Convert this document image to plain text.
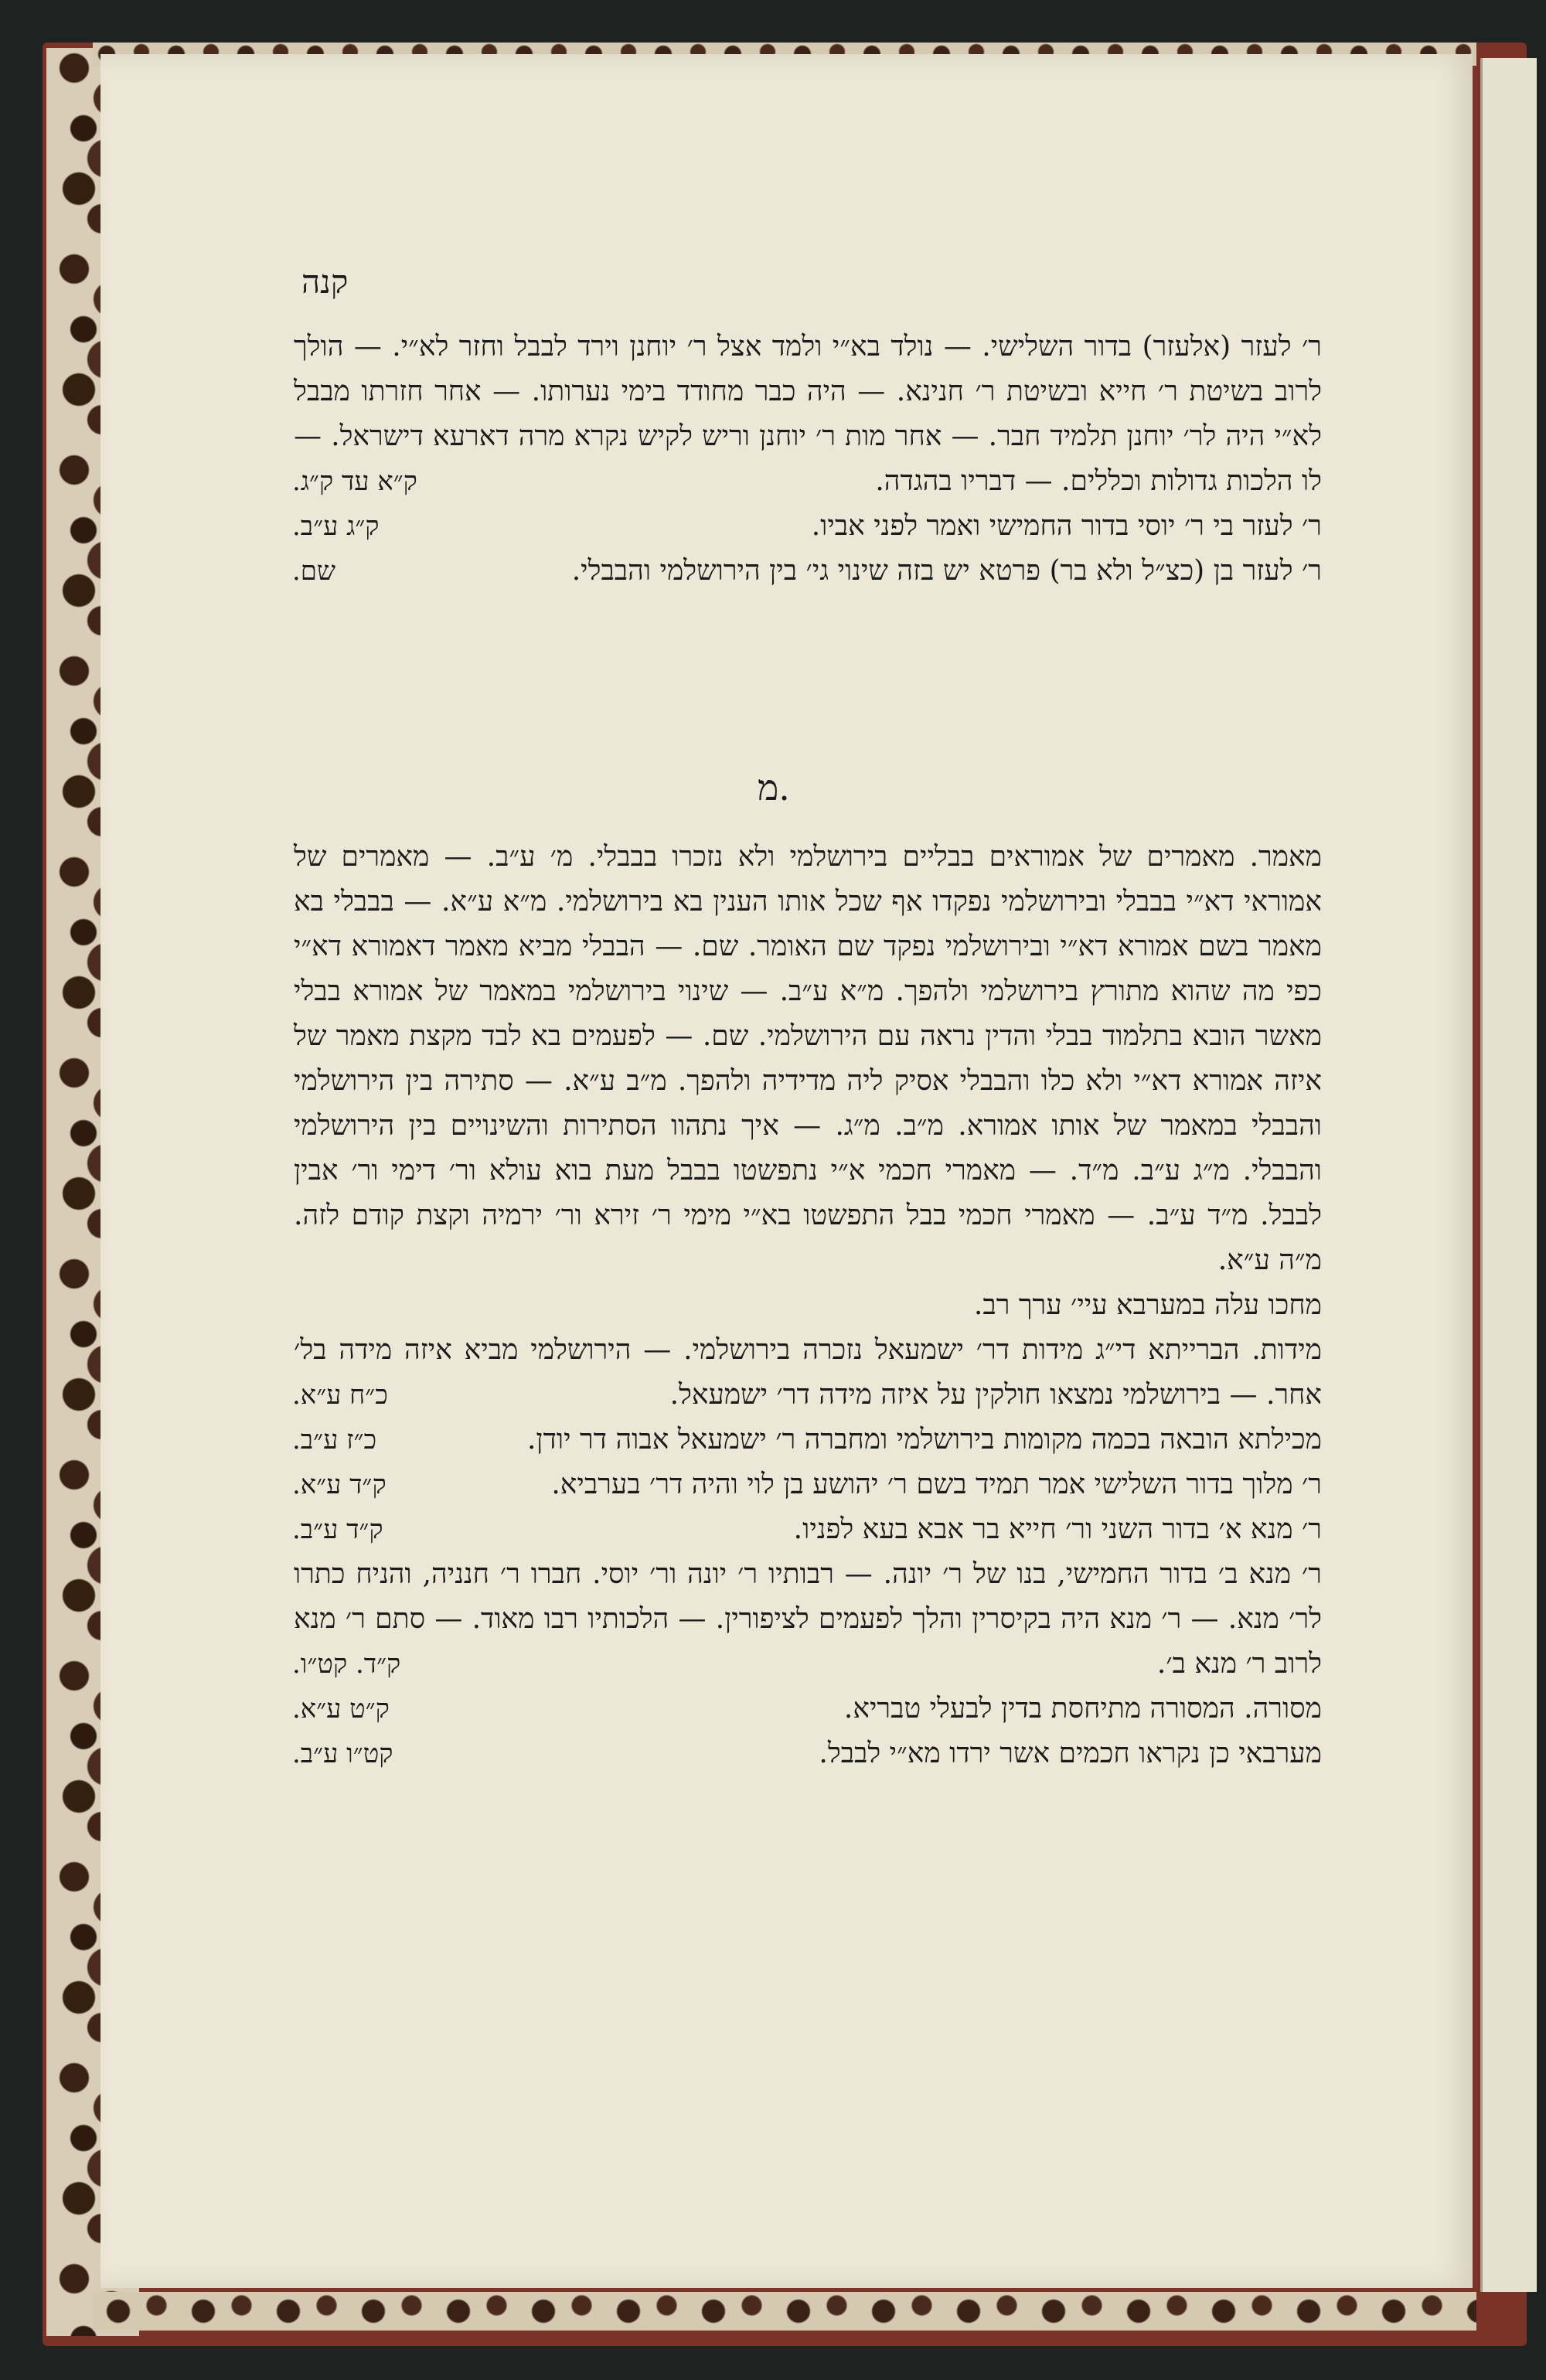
קנה

ר׳ לעזר (אלעזר) בדור השלישי. — נולד בא״י ולמד אצל ר׳ יוחנן וירד לבבל וחזר לא״י. — הולך לרוב בשיטת ר׳ חייא ובשיטת ר׳ חנינא. — היה כבר מחודד בימי נערותו. — אחר חזרתו מבבל לא״י היה לר׳ יוחנן תלמיד חבר. — אחר מות ר׳ יוחנן וריש לקיש נקרא מרה דארעא דישראל. — לו הלכות גדולות וכללים. — דבריו בהגדה.
ק״א עד ק״ג.

ר׳ לעזר בי ר׳ יוסי בדור החמישי ואמר לפני אביו.
ק״ג ע״ב.

ר׳ לעזר בן (כצ״ל ולא בר) פרטא יש בזה שינוי גי׳ בין הירושלמי והבבלי.
שם.

מ.

מאמר. מאמרים של אמוראים בבליים בירושלמי ולא נזכרו בבבלי. מ׳ ע״ב. — מאמרים של אמוראי דא״י בבבלי ובירושלמי נפקדו אף שכל אותו הענין בא בירושלמי. מ״א ע״א. — בבבלי בא מאמר בשם אמורא דא״י ובירושלמי נפקד שם האומר. שם. — הבבלי מביא מאמר דאמורא דא״י כפי מה שהוא מתורץ בירושלמי ולהפך. מ״א ע״ב. — שינוי בירושלמי במאמר של אמורא בבלי מאשר הובא בתלמוד בבלי והדין נראה עם הירושלמי. שם. — לפעמים בא לבד מקצת מאמר של איזה אמורא דא״י ולא כלו והבבלי אסיק ליה מדידיה ולהפך. מ״ב ע״א. — סתירה בין הירושלמי והבבלי במאמר של אותו אמורא. מ״ב. מ״ג. — איך נתהוו הסתירות והשינויים בין הירושלמי והבבלי. מ״ג ע״ב. מ״ד. — מאמרי חכמי א״י נתפשטו בבבל מעת בוא עולא ור׳ דימי ור׳ אבין לבבל. מ״ד ע״ב. — מאמרי חכמי בבל התפשטו בא״י מימי ר׳ זירא ור׳ ירמיה וקצת קודם לזה. מ״ה ע״א.

מחכו עלה במערבא עיי׳ ערך רב.

מידות. הברייתא די״ג מידות דר׳ ישמעאל נזכרה בירושלמי. — הירושלמי מביא איזה מידה בל׳ אחר. — בירושלמי נמצאו חולקין על איזה מידה דר׳ ישמעאל.
כ״ח ע״א.

מכילתא הובאה בכמה מקומות בירושלמי ומחברה ר׳ ישמעאל אבוה דר יודן.
כ״ז ע״ב.

ר׳ מלוך בדור השלישי אמר תמיד בשם ר׳ יהושע בן לוי והיה דר׳ בערביא.
ק״ד ע״א.

ר׳ מנא א׳ בדור השני ור׳ חייא בר אבא בעא לפניו.
ק״ד ע״ב.

ר׳ מנא ב׳ בדור החמישי, בנו של ר׳ יונה. — רבותיו ר׳ יונה ור׳ יוסי. חברו ר׳ חנניה, והניח כתרו לר׳ מנא. — ר׳ מנא היה בקיסרין והלך לפעמים לציפורין. — הלכותיו רבו מאוד. — סתם ר׳ מנא לרוב ר׳ מנא ב׳.
ק״ד. קט״ו.

מסורה. המסורה מתיחסת בדין לבעלי טבריא.
ק״ט ע״א.

מערבאי כן נקראו חכמים אשר ירדו מא״י לבבל.
קט״ו ע״ב.
